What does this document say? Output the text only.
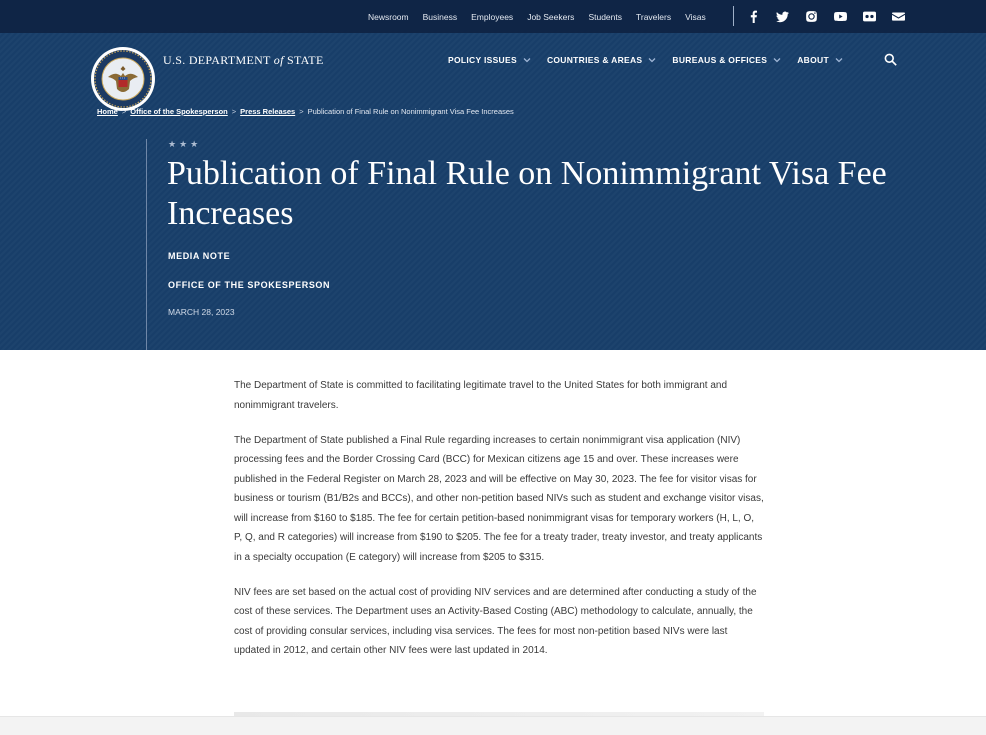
Newsroom Business Employees Job Seekers Students Travelers Visas
U.S. DEPARTMENT of STATE	POLICY ISSUES	COUNTRIES & AREAS	BUREAUS & OFFICES	ABOUT
Home > Office of the Spokesperson > Press Releases > Publication of Final Rule on Nonimmigrant Visa Fee Increases
★★★
Publication of Final Rule on Nonimmigrant Visa Fee Increases
MEDIA NOTE
OFFICE OF THE SPOKESPERSON
MARCH 28, 2023

The Department of State is committed to facilitating legitimate travel to the United States for both immigrant and nonimmigrant travelers.

The Department of State published a Final Rule regarding increases to certain nonimmigrant visa application (NIV) processing fees and the Border Crossing Card (BCC) for Mexican citizens age 15 and over. These increases were published in the Federal Register on March 28, 2023 and will be effective on May 30, 2023. The fee for visitor visas for business or tourism (B1/B2s and BCCs), and other non-petition based NIVs such as student and exchange visitor visas, will increase from $160 to $185. The fee for certain petition-based nonimmigrant visas for temporary workers (H, L, O, P, Q, and R categories) will increase from $190 to $205. The fee for a treaty trader, treaty investor, and treaty applicants in a specialty occupation (E category) will increase from $205 to $315.

NIV fees are set based on the actual cost of providing NIV services and are determined after conducting a study of the cost of these services. The Department uses an Activity-Based Costing (ABC) methodology to calculate, annually, the cost of providing consular services, including visa services. The fees for most non-petition based NIVs were last updated in 2012, and certain other NIV fees were last updated in 2014.
